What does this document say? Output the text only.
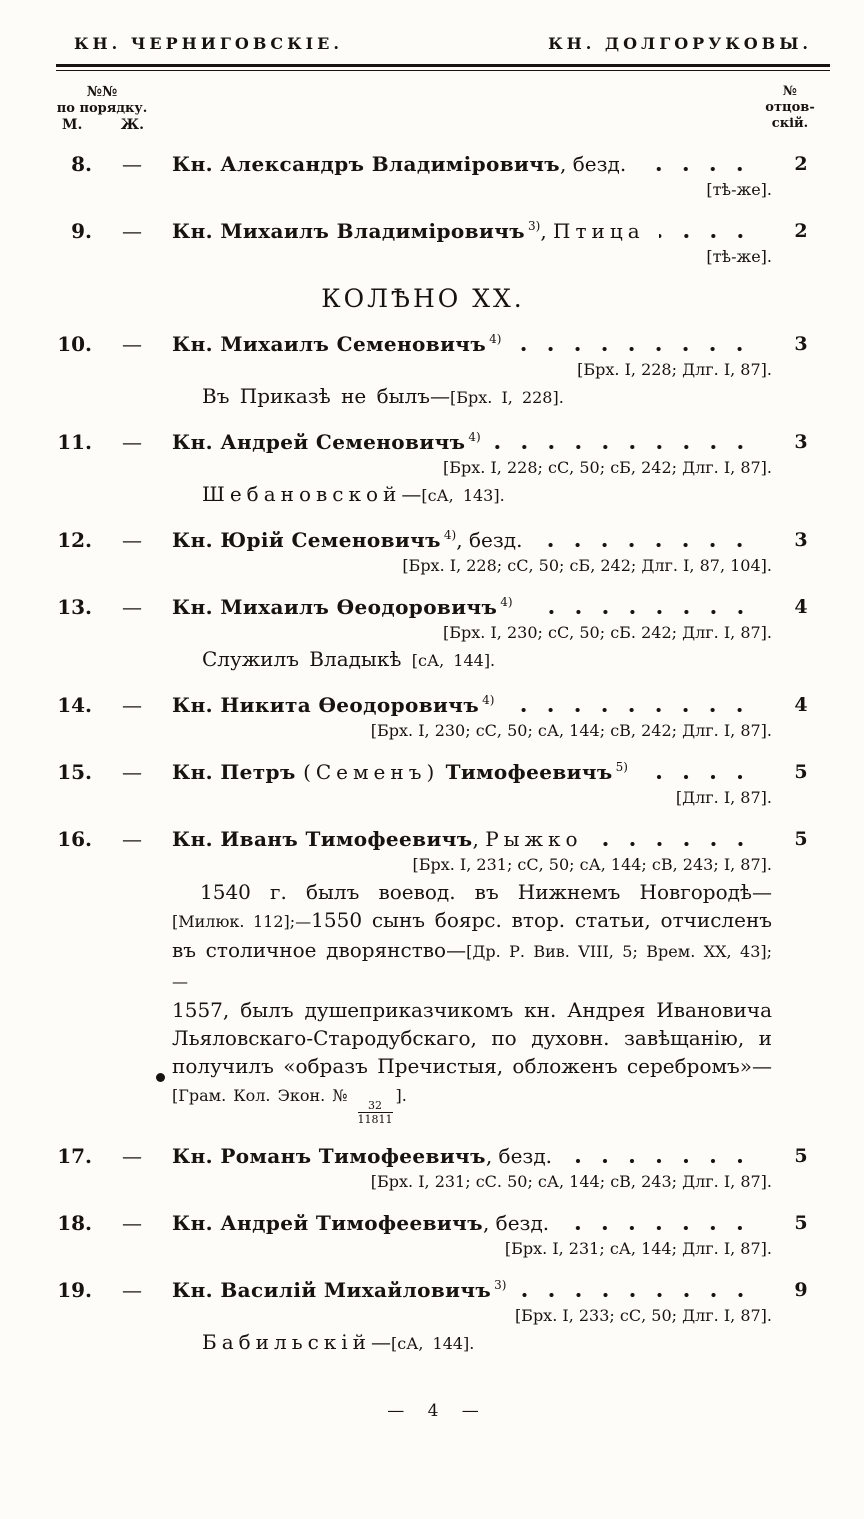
КН. ЧЕРНИГОВСКІЕ.	КН. ДОЛГОРУКОВЫ.
№№
по порядку.
М.	Ж.
№
отцов-
скій.
8.	—	Кн. Александръ Владиміровичъ, безд.	2
[тѣ-же].
9.	—	Кн. Михаилъ Владиміровичъ $^{3)}$, Птица	2
[тѣ-же].
КОЛѢНО XX.
10.	—	Кн. Михаилъ Семеновичъ $^{4)}$	3
[Брх. I, 228; Длг. I, 87].
Въ Приказѣ не былъ—[Брх. I, 228].
11.	—	Кн. Андрей Семеновичъ $^{4)}$	3
[Брх. I, 228; сС, 50; сБ, 242; Длг. I, 87].
Шебановской—[сА, 143].
12.	—	Кн. Юрій Семеновичъ $^{4)}$, безд.	3
[Брх. I, 228; сС, 50; сБ, 242; Длг. I, 87, 104].
13.	—	Кн. Михаилъ Ѳеодоровичъ $^{4)}$	4
[Брх. I, 230; сС, 50; сБ. 242; Длг. I, 87].
Служилъ Владыкѣ [сА, 144].
14.	—	Кн. Никита Ѳеодоровичъ $^{4)}$	4
[Брх. I, 230; сС, 50; сА, 144; сВ, 242; Длг. I, 87].
15.	—	Кн. Петръ (Семенъ) Тимофеевичъ $^{5)}$	5
[Длг. I, 87].
16.	—	Кн. Иванъ Тимофеевичъ, Рыжко	5
[Брх. I, 231; сС, 50; сА, 144; сВ, 243; I, 87].
1540 г. былъ воевод. въ Нижнемъ Новгородѣ—
[Милюк. 112];—1550 сынъ боярс. втор. статьи, отчисленъ
въ столичное дворянство—[Др. Р. Вив. VIII, 5; Врем. XX, 43];—
1557, былъ душеприказчикомъ кн. Андрея Ивановича
Льяловскаго-Стародубскаго, по духовн. завѣщанію, и
получилъ «образъ Пречистыя, обложенъ серебромъ»—
[Грам. Кол. Экон. №
$\frac{32}{11811}$
].
17.	—	Кн. Романъ Тимофеевичъ, безд.	5
[Брх. I, 231; сС. 50; сА, 144; сВ, 243; Длг. I, 87].
18.	—	Кн. Андрей Тимофеевичъ, безд.	5
[Брх. I, 231; сА, 144; Длг. I, 87].
19.	—	Кн. Василій Михайловичъ $^{3)}$	9
[Брх. I, 233; сС, 50; Длг. I, 87].
Бабильскій—[сА, 144].
— 4 —
